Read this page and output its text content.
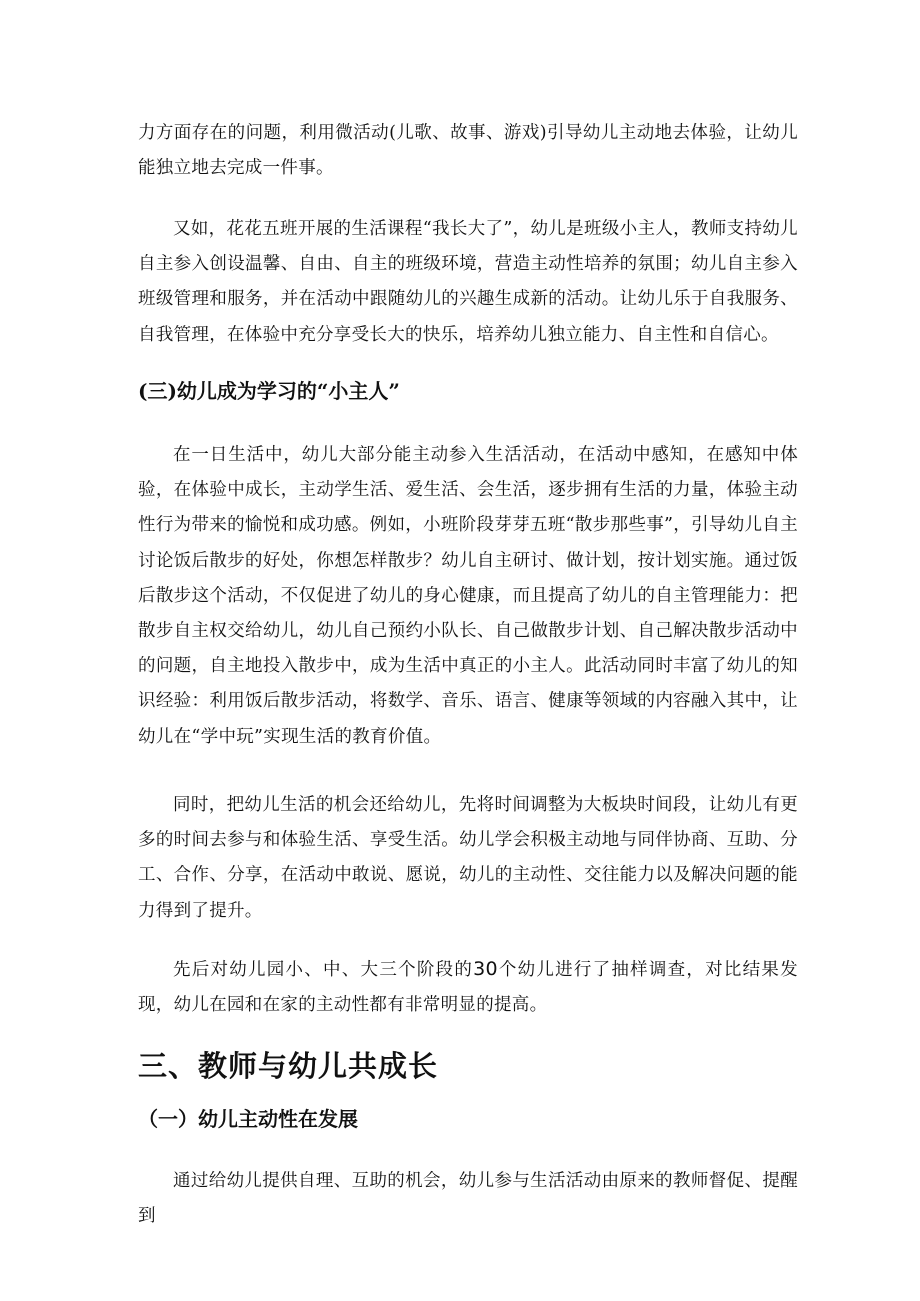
力方面存在的问题，利用微活动(儿歌、故事、游戏)引导幼儿主动地去体验，让幼儿能独立地去完成一件事。

又如，花花五班开展的生活课程“我长大了”，幼儿是班级小主人，教师支持幼儿自主参入创设温馨、自由、自主的班级环境，营造主动性培养的氛围；幼儿自主参入班级管理和服务，并在活动中跟随幼儿的兴趣生成新的活动。让幼儿乐于自我服务、自我管理，在体验中充分享受长大的快乐，培养幼儿独立能力、自主性和自信心。

(三)幼儿成为学习的“小主人”

在一日生活中，幼儿大部分能主动参入生活活动，在活动中感知，在感知中体验，在体验中成长，主动学生活、爱生活、会生活，逐步拥有生活的力量，体验主动性行为带来的愉悦和成功感。例如，小班阶段芽芽五班“散步那些事”，引导幼儿自主讨论饭后散步的好处，你想怎样散步？幼儿自主研讨、做计划，按计划实施。通过饭后散步这个活动，不仅促进了幼儿的身心健康，而且提高了幼儿的自主管理能力：把散步自主权交给幼儿，幼儿自己预约小队长、自己做散步计划、自己解决散步活动中的问题，自主地投入散步中，成为生活中真正的小主人。此活动同时丰富了幼儿的知识经验：利用饭后散步活动，将数学、音乐、语言、健康等领域的内容融入其中，让幼儿在“学中玩”实现生活的教育价值。

同时，把幼儿生活的机会还给幼儿，先将时间调整为大板块时间段，让幼儿有更多的时间去参与和体验生活、享受生活。幼儿学会积极主动地与同伴协商、互助、分工、合作、分享，在活动中敢说、愿说，幼儿的主动性、交往能力以及解决问题的能力得到了提升。

先后对幼儿园小、中、大三个阶段的30个幼儿进行了抽样调查，对比结果发现，幼儿在园和在家的主动性都有非常明显的提高。

三、教师与幼儿共成长
（一）幼儿主动性在发展

通过给幼儿提供自理、互助的机会，幼儿参与生活活动由原来的教师督促、提醒到
